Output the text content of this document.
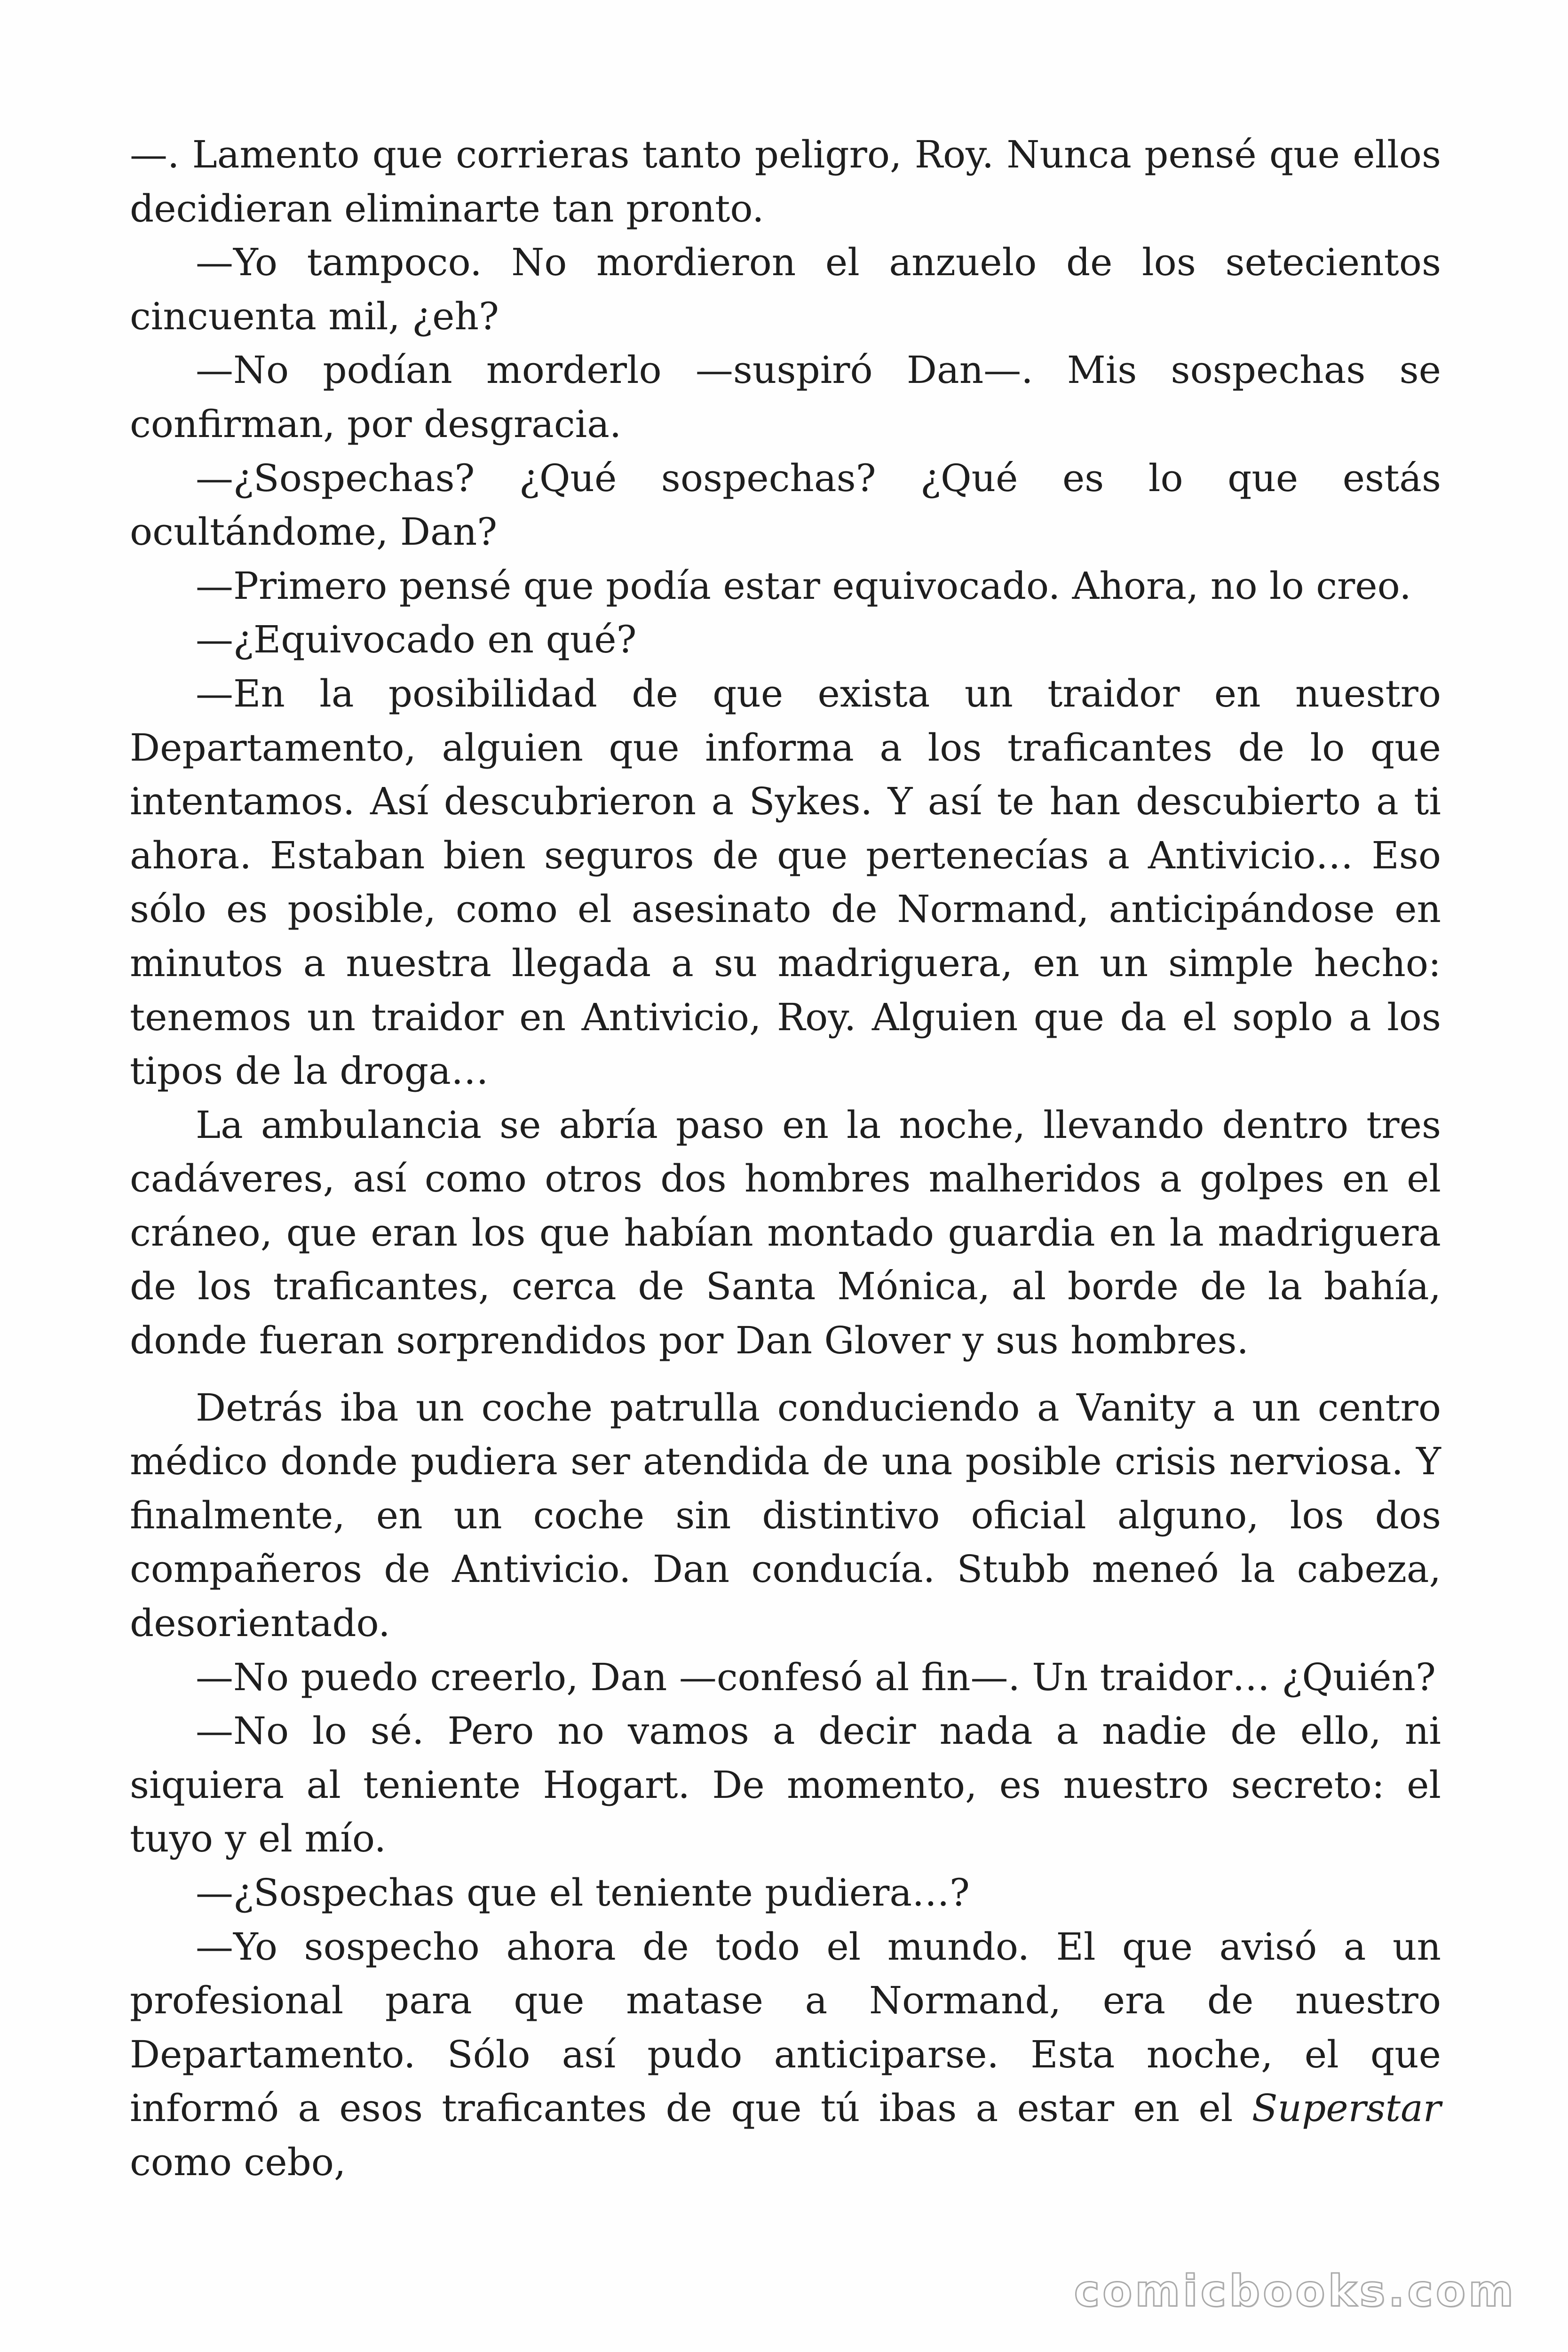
—. Lamento que corrieras tanto peligro, Roy. Nunca pensé que ellos decidieran eliminarte tan pronto.

—Yo tampoco. No mordieron el anzuelo de los setecientos cincuenta mil, ¿eh?

—No podían morderlo —suspiró Dan—. Mis sospechas se confirman, por desgracia.

—¿Sospechas? ¿Qué sospechas? ¿Qué es lo que estás ocultándome, Dan?

—Primero pensé que podía estar equivocado. Ahora, no lo creo.

—¿Equivocado en qué?

—En la posibilidad de que exista un traidor en nuestro Departamento, alguien que informa a los traficantes de lo que intentamos. Así descubrieron a Sykes. Y así te han descubierto a ti ahora. Estaban bien seguros de que pertenecías a Antivicio… Eso sólo es posible, como el asesinato de Normand, anticipándose en minutos a nuestra llegada a su madriguera, en un simple hecho: tenemos un traidor en Antivicio, Roy. Alguien que da el soplo a los tipos de la droga…

La ambulancia se abría paso en la noche, llevando dentro tres cadáveres, así como otros dos hombres malheridos a golpes en el cráneo, que eran los que habían montado guardia en la madriguera de los traficantes, cerca de Santa Mónica, al borde de la bahía, donde fueran sorprendidos por Dan Glover y sus hombres.

Detrás iba un coche patrulla conduciendo a Vanity a un centro médico donde pudiera ser atendida de una posible crisis nerviosa. Y finalmente, en un coche sin distintivo oficial alguno, los dos compañeros de Antivicio. Dan conducía. Stubb meneó la cabeza, desorientado.

—No puedo creerlo, Dan —confesó al fin—. Un traidor… ¿Quién?

—No lo sé. Pero no vamos a decir nada a nadie de ello, ni siquiera al teniente Hogart. De momento, es nuestro secreto: el tuyo y el mío.

—¿Sospechas que el teniente pudiera…?

—Yo sospecho ahora de todo el mundo. El que avisó a un profesional para que matase a Normand, era de nuestro Departamento. Sólo así pudo anticiparse. Esta noche, el que informó a esos traficantes de que tú ibas a estar en el Superstar como cebo,

comicbooks.com
